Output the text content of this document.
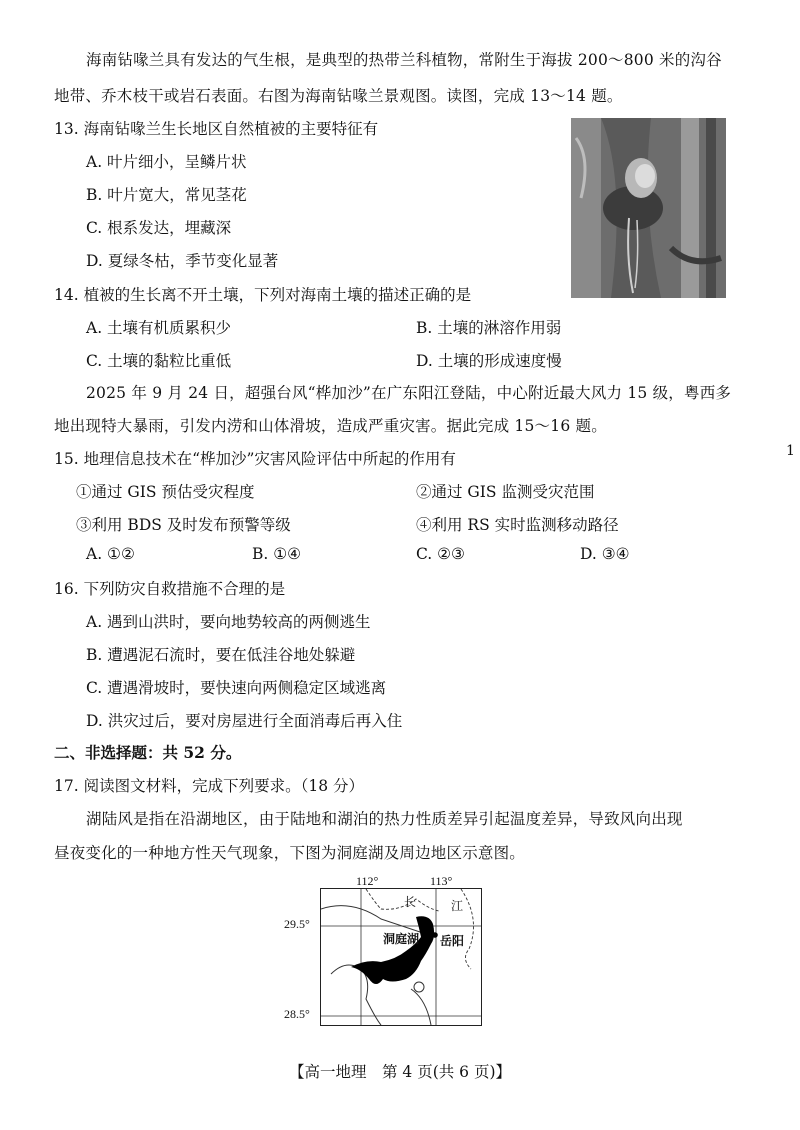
海南钻喙兰具有发达的气生根，是典型的热带兰科植物，常附生于海拔 200～800 米的沟谷
地带、乔木枝干或岩石表面。右图为海南钻喙兰景观图。读图，完成 13～14 题。
13. 海南钻喙兰生长地区自然植被的主要特征有
A. 叶片细小，呈鳞片状
B. 叶片宽大，常见茎花
C. 根系发达，埋藏深
D. 夏绿冬枯，季节变化显著
14. 植被的生长离不开土壤，下列对海南土壤的描述正确的是
A. 土壤有机质累积少	B. 土壤的淋溶作用弱
C. 土壤的黏粒比重低	D. 土壤的形成速度慢
2025 年 9 月 24 日，超强台风“桦加沙”在广东阳江登陆，中心附近最大风力 15 级，粤西多
地出现特大暴雨，引发内涝和山体滑坡，造成严重灾害。据此完成 15～16 题。
1
15. 地理信息技术在“桦加沙”灾害风险评估中所起的作用有
①通过 GIS 预估受灾程度	②通过 GIS 监测受灾范围
③利用 BDS 及时发布预警等级	④利用 RS 实时监测移动路径
A. ①②	B. ①④	C. ②③	D. ③④
16. 下列防灾自救措施不合理的是
A. 遇到山洪时，要向地势较高的两侧逃生
B. 遭遇泥石流时，要在低洼谷地处躲避
C. 遭遇滑坡时，要快速向两侧稳定区域逃离
D. 洪灾过后，要对房屋进行全面消毒后再入住
二、非选择题：共 52 分。
17. 阅读图文材料，完成下列要求。（18 分）
湖陆风是指在沿湖地区，由于陆地和湖泊的热力性质差异引起温度差异，导致风向出现
昼夜变化的一种地方性天气现象，下图为洞庭湖及周边地区示意图。
112°	113°
29.5°
28.5°
长	江
洞庭湖 岳阳
【高一地理　第 4 页(共 6 页)】
